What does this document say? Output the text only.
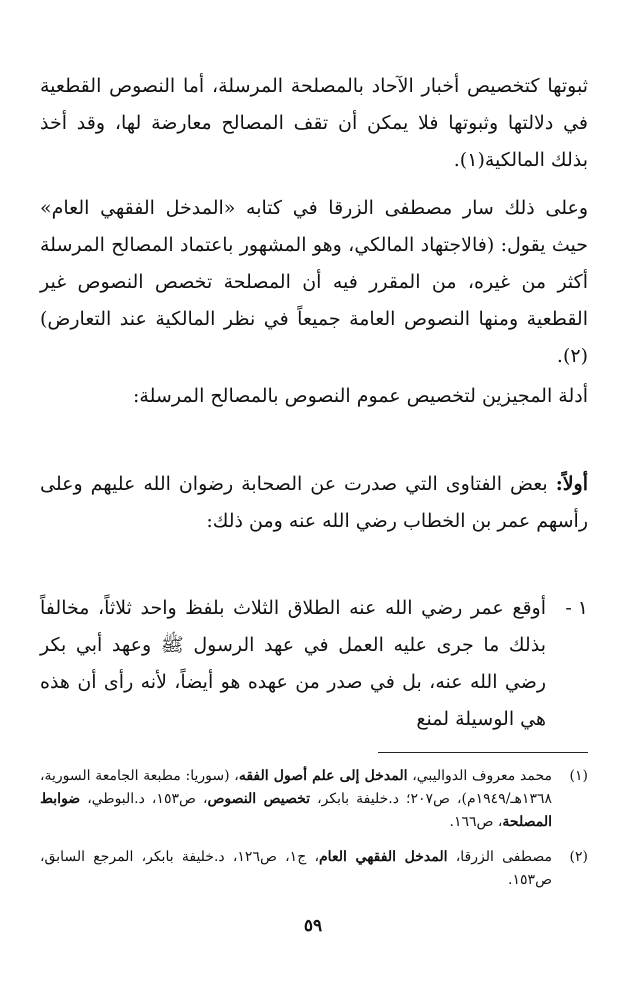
ثبوتها كتخصيص أخبار الآحاد بالمصلحة المرسلة، أما النصوص القطعية في دلالتها وثبوتها فلا يمكن أن تقف المصالح معارضة لها، وقد أخذ بذلك المالكية(١).

وعلى ذلك سار مصطفى الزرقا في كتابه «المدخل الفقهي العام» حيث يقول: (فالاجتهاد المالكي، وهو المشهور باعتماد المصالح المرسلة أكثر من غيره، من المقرر فيه أن المصلحة تخصص النصوص غير القطعية ومنها النصوص العامة جميعاً في نظر المالكية عند التعارض)(٢).

أدلة المجيزين لتخصيص عموم النصوص بالمصالح المرسلة:

أولاً: بعض الفتاوى التي صدرت عن الصحابة رضوان الله عليهم وعلى رأسهم عمر بن الخطاب رضي الله عنه ومن ذلك:

١ -
أوقع عمر رضي الله عنه الطلاق الثلاث بلفظ واحد ثلاثاً، مخالفاً بذلك ما جرى عليه العمل في عهد الرسول ﷺ وعهد أبي بكر رضي الله عنه، بل في صدر من عهده هو أيضاً، لأنه رأى أن هذه هي الوسيلة لمنع
(١)
محمد معروف الدواليبي، المدخل إلى علم أصول الفقه، (سوريا: مطبعة الجامعة السورية، ١٣٦٨هـ/١٩٤٩م)، ص٢٠٧؛ د.خليفة بابكر، تخصيص النصوص، ص١٥٣، د.البوطي، ضوابط المصلحة، ص١٦٦.
(٢)
مصطفى الزرقا، المدخل الفقهي العام، ج١، ص١٢٦، د.خليفة بابكر، المرجع السابق، ص١٥٣.
٥٩
